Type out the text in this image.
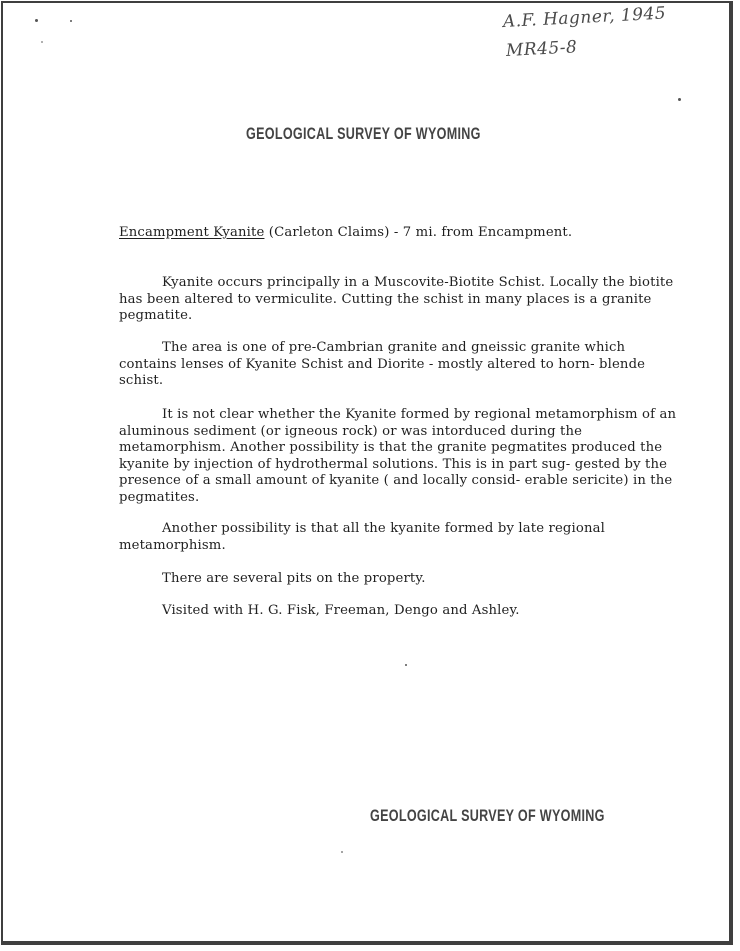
A.F. Hagner, 1945
MR45-8
GEOLOGICAL SURVEY OF WYOMING

Encampment Kyanite (Carleton Claims) - 7 mi. from Encampment.

Kyanite occurs principally in a Muscovite-Biotite Schist. Locally the biotite has been altered to vermiculite. Cutting the schist in many places is a granite pegmatite.

The area is one of pre-Cambrian granite and gneissic granite which contains lenses of Kyanite Schist and Diorite - mostly altered to horn- blende schist.

It is not clear whether the Kyanite formed by regional metamorphism of an aluminous sediment (or igneous rock) or was intorduced during the metamorphism. Another possibility is that the granite pegmatites produced the kyanite by injection of hydrothermal solutions. This is in part sug- gested by the presence of a small amount of kyanite ( and locally consid- erable sericite) in the pegmatites.

Another possibility is that all the kyanite formed by late regional metamorphism.

There are several pits on the property.

Visited with H. G. Fisk, Freeman, Dengo and Ashley.

GEOLOGICAL SURVEY OF WYOMING
